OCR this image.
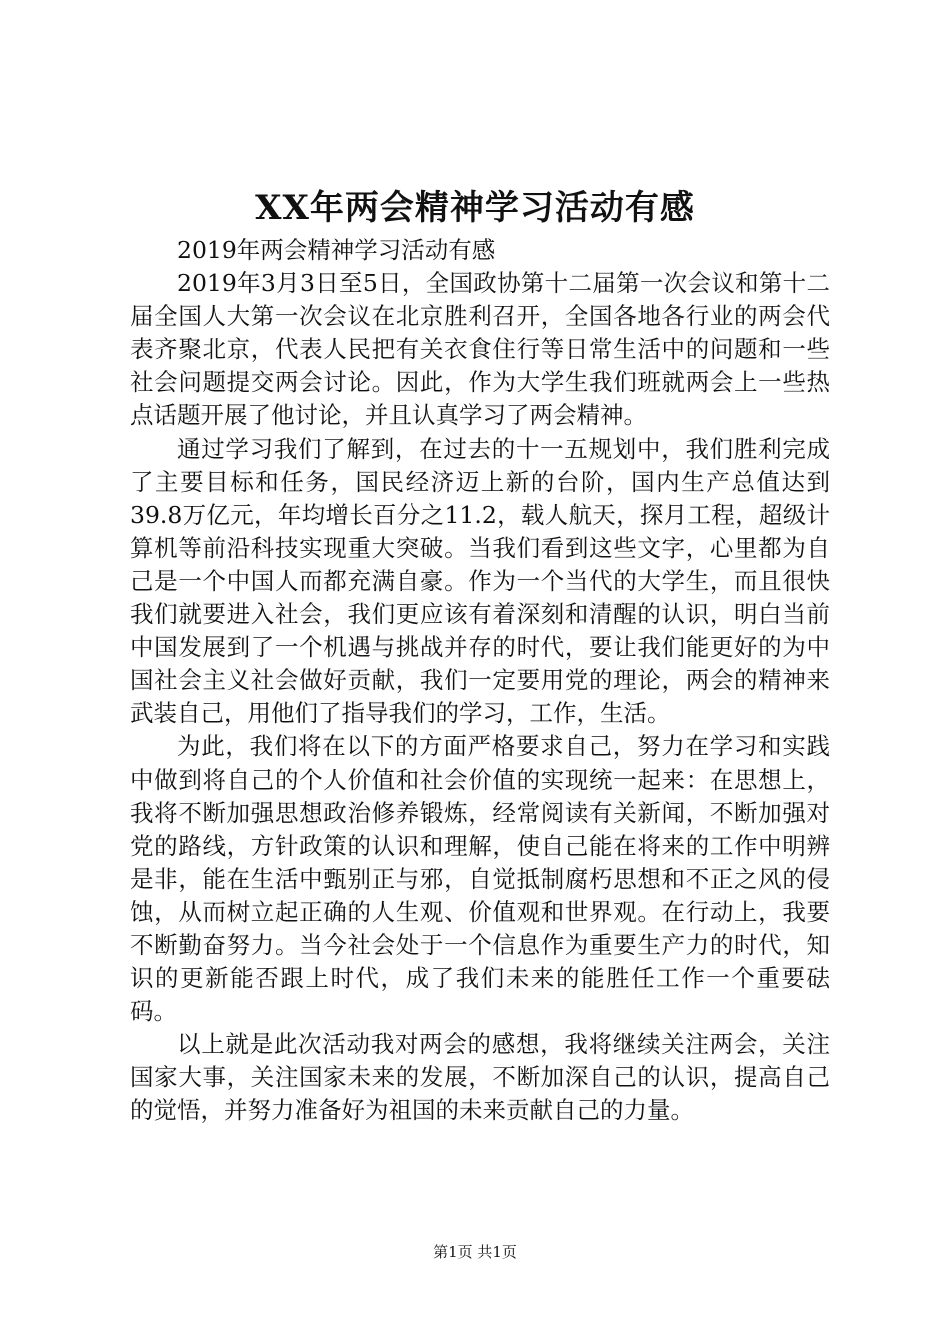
XX年两会精神学习活动有感

2019年两会精神学习活动有感

2019年3月3日至5日，全国政协第十二届第一次会议和第十二届全国人大第一次会议在北京胜利召开，全国各地各行业的两会代表齐聚北京，代表人民把有关衣食住行等日常生活中的问题和一些社会问题提交两会讨论。因此，作为大学生我们班就两会上一些热点话题开展了他讨论，并且认真学习了两会精神。

通过学习我们了解到，在过去的十一五规划中，我们胜利完成了主要目标和任务，国民经济迈上新的台阶，国内生产总值达到39.8万亿元，年均增长百分之11.2，载人航天，探月工程，超级计算机等前沿科技实现重大突破。当我们看到这些文字，心里都为自己是一个中国人而都充满自豪。作为一个当代的大学生，而且很快我们就要进入社会，我们更应该有着深刻和清醒的认识，明白当前中国发展到了一个机遇与挑战并存的时代，要让我们能更好的为中国社会主义社会做好贡献，我们一定要用党的理论，两会的精神来武装自己，用他们了指导我们的学习，工作，生活。

为此，我们将在以下的方面严格要求自己，努力在学习和实践中做到将自己的个人价值和社会价值的实现统一起来：在思想上，我将不断加强思想政治修养锻炼，经常阅读有关新闻，不断加强对党的路线，方针政策的认识和理解，使自己能在将来的工作中明辨是非，能在生活中甄别正与邪，自觉抵制腐朽思想和不正之风的侵蚀，从而树立起正确的人生观、价值观和世界观。在行动上，我要不断勤奋努力。当今社会处于一个信息作为重要生产力的时代，知识的更新能否跟上时代，成了我们未来的能胜任工作一个重要砝码。

以上就是此次活动我对两会的感想，我将继续关注两会，关注国家大事，关注国家未来的发展，不断加深自己的认识，提高自己的觉悟，并努力准备好为祖国的未来贡献自己的力量。

第1页 共1页
